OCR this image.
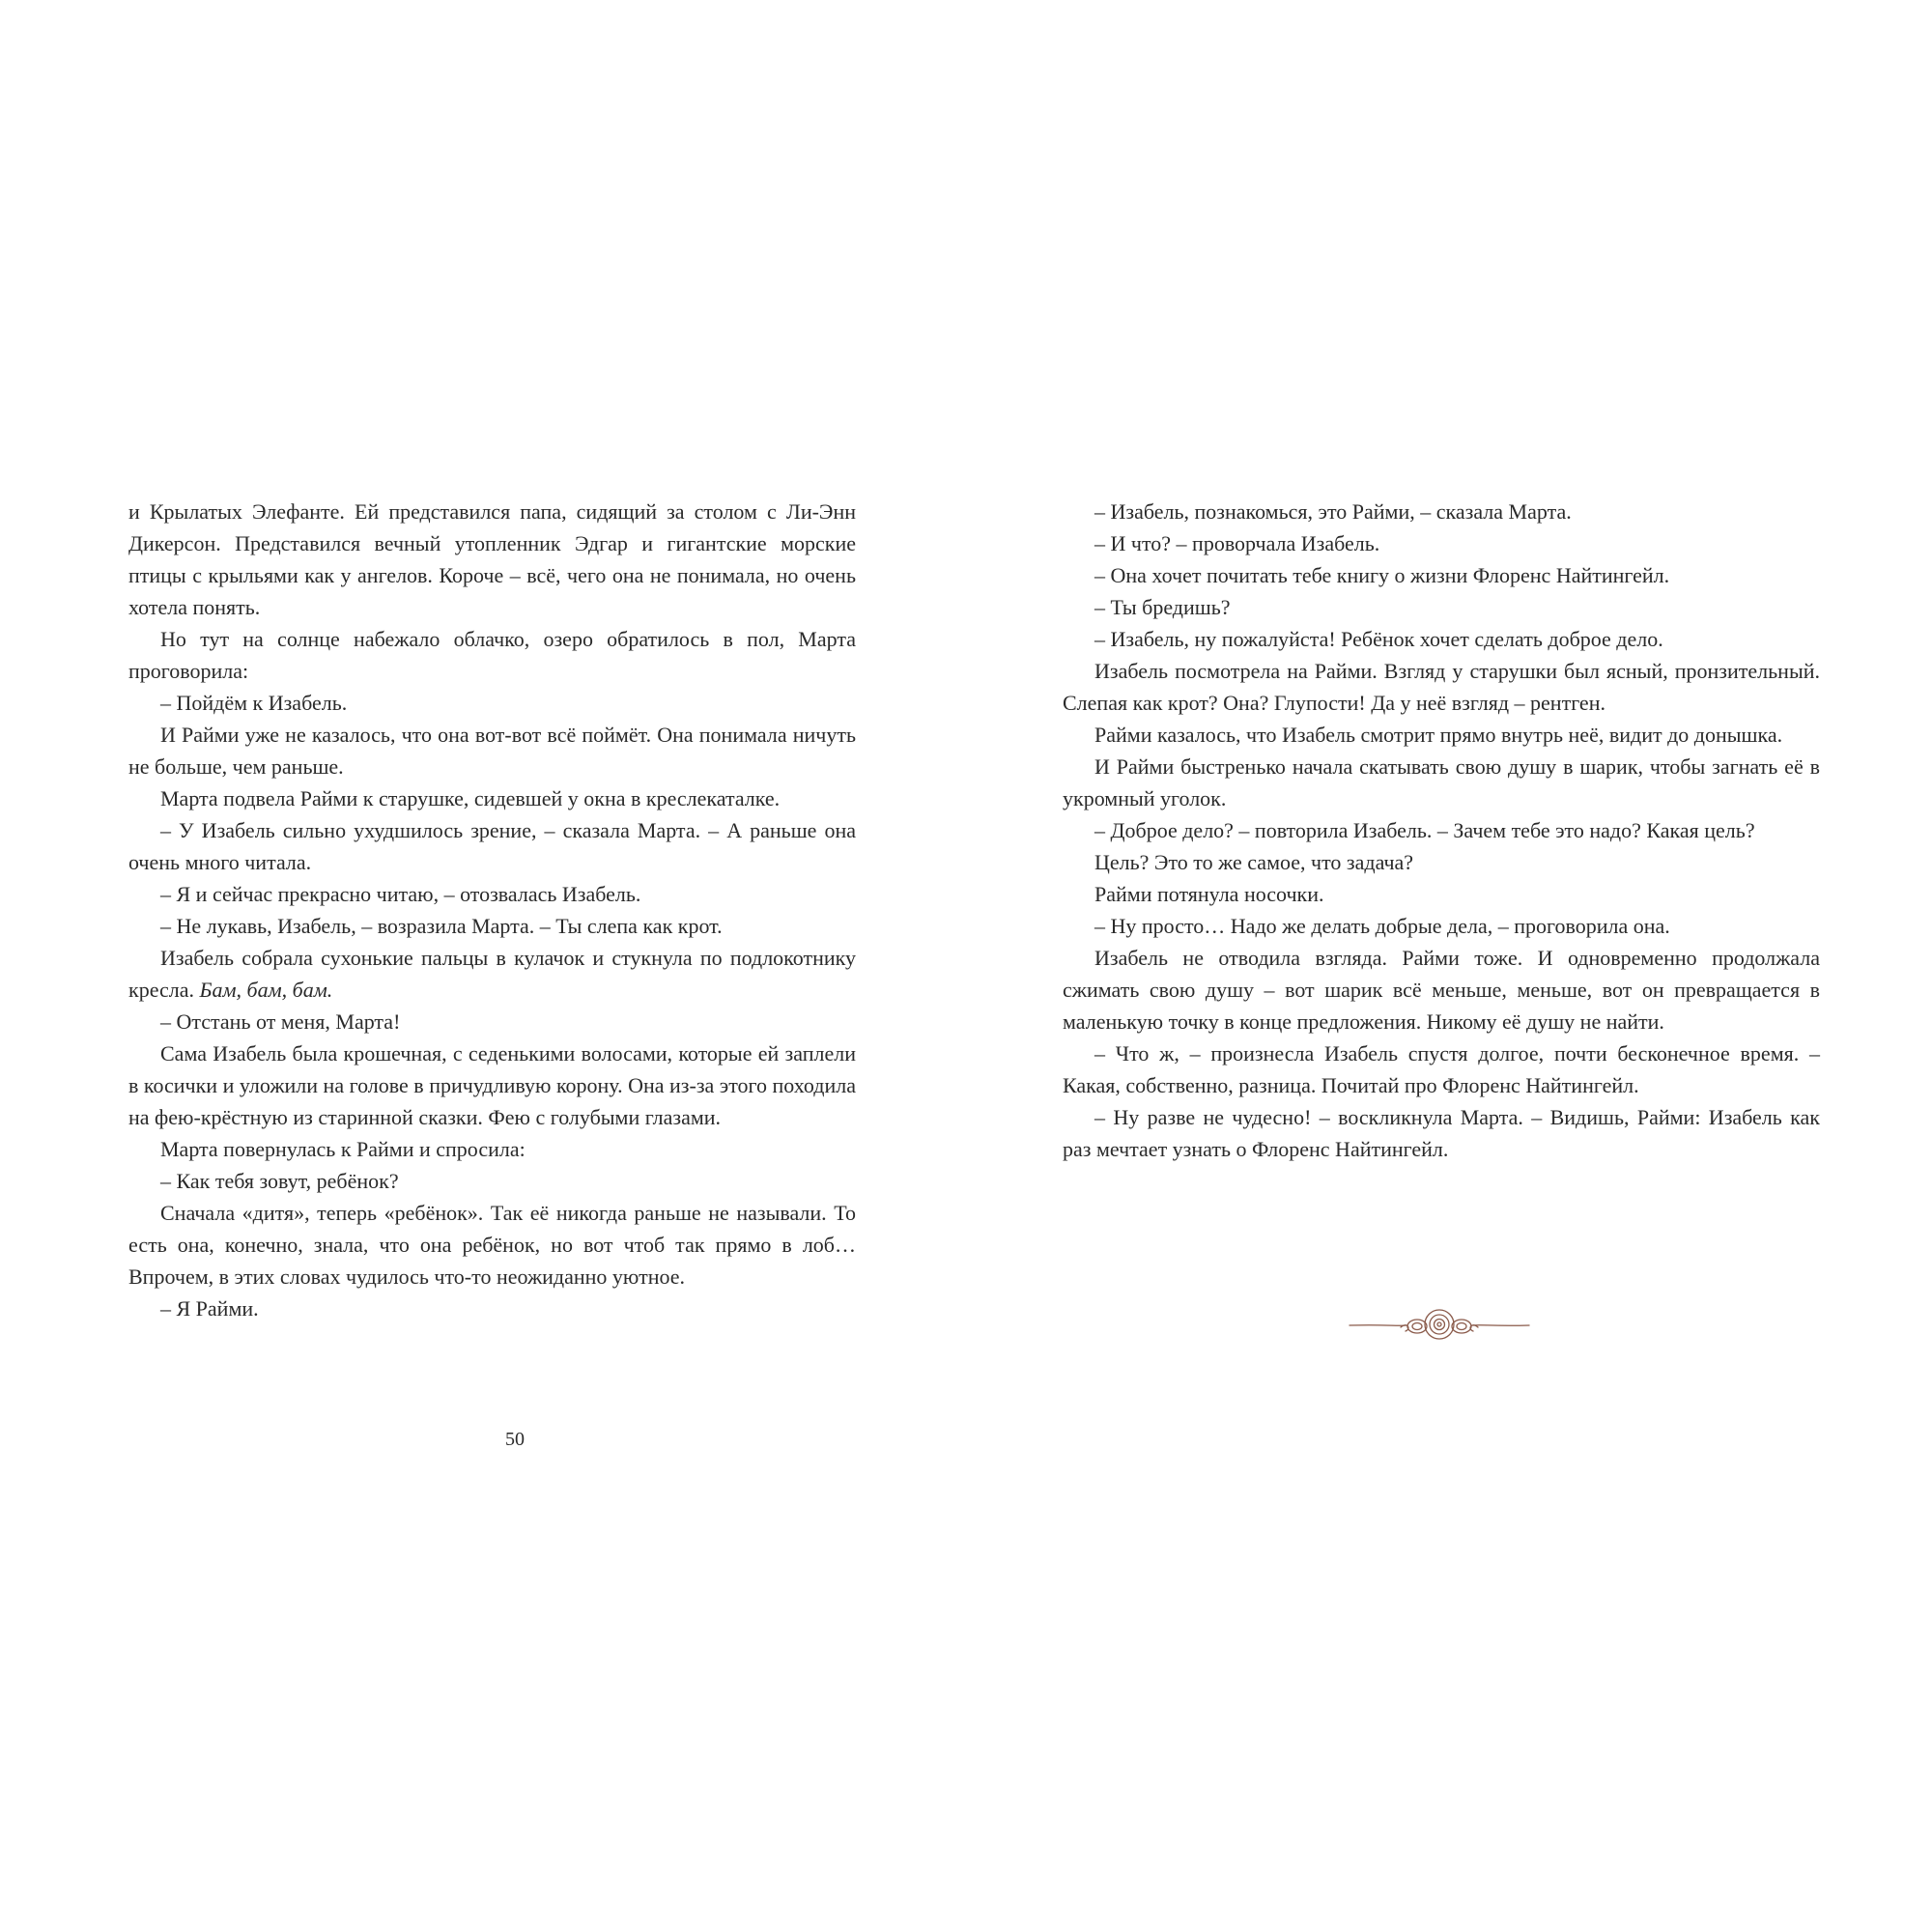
и Крылатых Элефанте. Ей представился папа, сидящий за столом с Ли-Энн Дикерсон. Представился вечный утопленник Эдгар и гигантские морские птицы с крыльями как у ангелов. Короче – всё, чего она не понимала, но очень хотела понять.

Но тут на солнце набежало облачко, озеро обратилось в пол, Марта проговорила:

– Пойдём к Изабель.

И Райми уже не казалось, что она вот-вот всё поймёт. Она понимала ничуть не больше, чем раньше.

Марта подвела Райми к старушке, сидевшей у окна в креслекаталке.

– У Изабель сильно ухудшилось зрение, – сказала Марта. – А раньше она очень много читала.

– Я и сейчас прекрасно читаю, – отозвалась Изабель.

– Не лукавь, Изабель, – возразила Марта. – Ты слепа как крот.

Изабель собрала сухонькие пальцы в кулачок и стукнула по подлокотнику кресла. Бам, бам, бам.

– Отстань от меня, Марта!

Сама Изабель была крошечная, с седенькими волосами, которые ей заплели в косички и уложили на голове в причудливую корону. Она из-за этого походила на фею-крёстную из старинной сказки. Фею с голубыми глазами.

Марта повернулась к Райми и спросила:

– Как тебя зовут, ребёнок?

Сначала «дитя», теперь «ребёнок». Так её никогда раньше не называли. То есть она, конечно, знала, что она ребёнок, но вот чтоб так прямо в лоб… Впрочем, в этих словах чудилось что-то неожиданно уютное.

– Я Райми.

50

– Изабель, познакомься, это Райми, – сказала Марта.

– И что? – проворчала Изабель.

– Она хочет почитать тебе книгу о жизни Флоренс Найтингейл.

– Ты бредишь?

– Изабель, ну пожалуйста! Ребёнок хочет сделать доброе дело.

Изабель посмотрела на Райми. Взгляд у старушки был ясный, пронзительный. Слепая как крот? Она? Глупости! Да у неё взгляд – рентген.

Райми казалось, что Изабель смотрит прямо внутрь неё, видит до донышка.

И Райми быстренько начала скатывать свою душу в шарик, чтобы загнать её в укромный уголок.

– Доброе дело? – повторила Изабель. – Зачем тебе это надо? Какая цель?

Цель? Это то же самое, что задача?

Райми потянула носочки.

– Ну просто… Надо же делать добрые дела, – проговорила она.

Изабель не отводила взгляда. Райми тоже. И одновременно продолжала сжимать свою душу – вот шарик всё меньше, меньше, вот он превращается в маленькую точку в конце предложения. Никому её душу не найти.

– Что ж, – произнесла Изабель спустя долгое, почти бесконечное время. – Какая, собственно, разница. Почитай про Флоренс Найтингейл.

– Ну разве не чудесно! – воскликнула Марта. – Видишь, Райми: Изабель как раз мечтает узнать о Флоренс Найтингейл.
